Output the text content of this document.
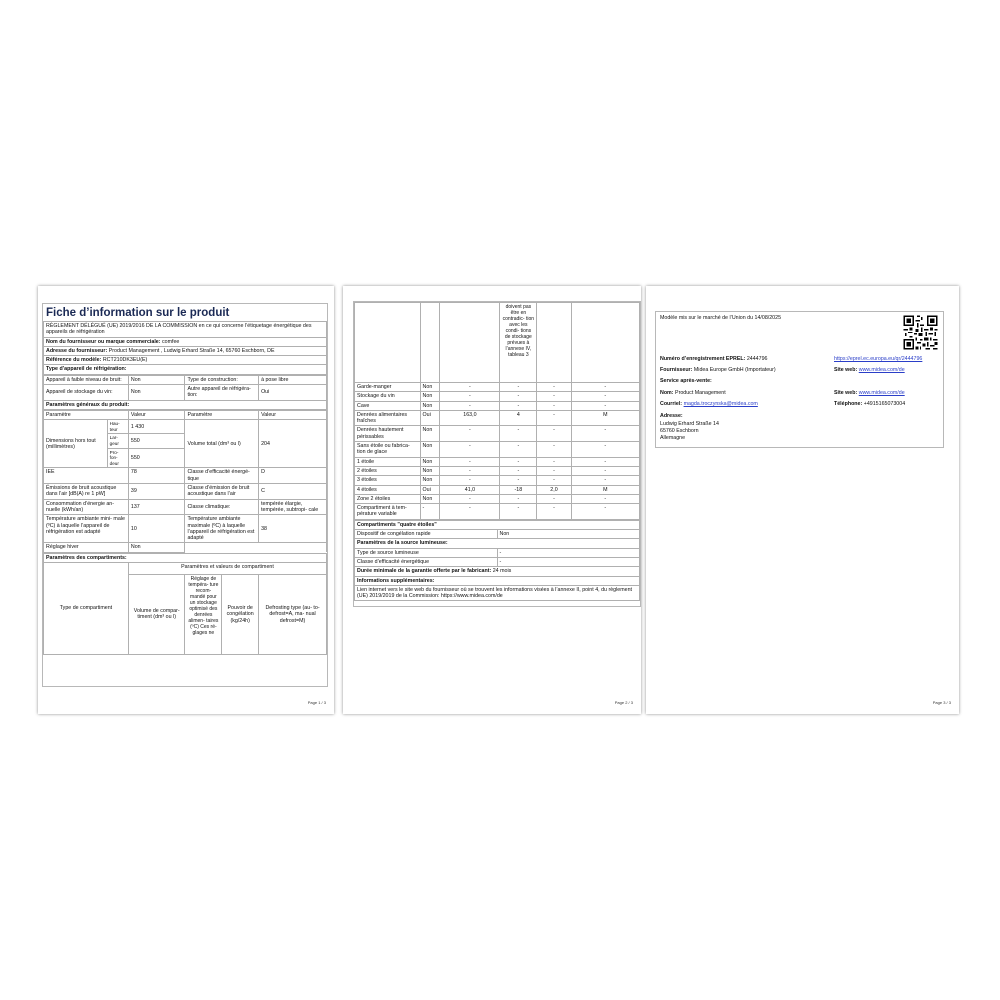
Fiche d’information sur le produit
RÈGLEMENT DÉLÉGUÉ (UE) 2019/2016 DE LA COMMISSION en ce qui concerne l’étiquetage énergétique des appareils de réfrigération
Nom du fournisseur ou marque commerciale: comfee
Adresse du fournisseur: Product Management , Ludwig Erhard Straße 14, 65760 Eschborn, DE
Référence du modèle: RCT210DK3EU(E)
Type d’appareil de réfrigération:
Appareil à faible niveau de bruit:	Non	Type de construction:	à pose libre
Appareil de stockage du vin:	Non	Autre appareil de réfrigéra- tion:	Oui
Paramètres généraux du produit:			
Paramètre		Valeur	Paramètre	Valeur
Dimensions hors tout (millimètres)	Hau- teur	1 430	Volume total (dm³ ou l)	204
	Lar- geur	550		
	Pro- fon- deur	550		
IEE		78	Classe d’efficacité énergé- tique	D
Émissions de bruit acoustique dans l’air [dB(A) re 1 pW]		39	Classe d’émission de bruit acoustique dans l’air	C
Consommation d’énergie an- nuelle (kWh/an)		137	Classe climatique:	tempérée élargie, tempérée, subtropi- cale
Température ambiante mini- male (ºC) à laquelle l’appareil de réfrigération est adapté		10	Température ambiante maximale (ºC) à laquelle l’appareil de réfrigération est adapté	38
Réglage hiver		Non		
Paramètres des compartiments:				
Type de compartiment	Paramètres et valeurs de compartiment			
	Volume de compar- timent (dm³ ou l)	Réglage de tempéra- ture recom- mandé pour un stockage optimisé des denrées alimen- taires (ºC) Ces ré- glages ne	Pouvoir de congélation (kg/24h)	Defrosting type (au- to-defrost=A, ma- nual defrost=M)
Page 1 / 3
			doivent pas être en contradic- tion avec les condi- tions de stockage prévues à l’annexe IV, tableau 3		
Garde-manger	Non	-	-	-	-
Stockage du vin	Non	-	-	-	-
Cave	Non	-	-	-	-
Denrées alimentaires fraîches	Oui	163,0	4	-	M
Denrées hautement périssables	Non	-	-	-	-
Sans étoile ou fabrica- tion de glace	Non	-	-	-	-
1 étoile	Non	-	-	-	-
2 étoiles	Non	-	-	-	-
3 étoiles	Non	-	-	-	-
4 étoiles	Oui	41,0	-18	2,0	M
Zone 2 étoiles	Non	-	-	-	-
Compartiment à tem- pérature variable	-	-	-	-	-
Compartiments "quatre étoiles"	
Dispositif de congélation rapide	Non
Paramètres de la source lumineuse:	
Type de source lumineuse	-
Classe d’efficacité énergétique	-
Durée minimale de la garantie offerte par le fabricant: 24 mois	
Informations supplémentaires:	
Lien internet vers le site web du fournisseur où se trouvent les informations visées à l’annexe II, point 4, du règlement (UE) 2019/2019 de la Commission: https://www.midea.com/de	
Page 2 / 3
Modèle mis sur le marché de l’Union du 14/08/2025
Numéro d’enregistrement EPREL: 2444796	https://eprel.ec.europa.eu/qr/2444796
Fournisseur: Midea Europe GmbH (Importateur)	Site web: www.midea.com/de
Service après-vente:
Nom: Product Management	Site web: www.midea.com/de
Courriel: magda.troczynska@midea.com	Téléphone: +4915165073004
Adresse:
Ludwig Erhard Straße 14
65760 Eschborn
Allemagne
Page 3 / 3
